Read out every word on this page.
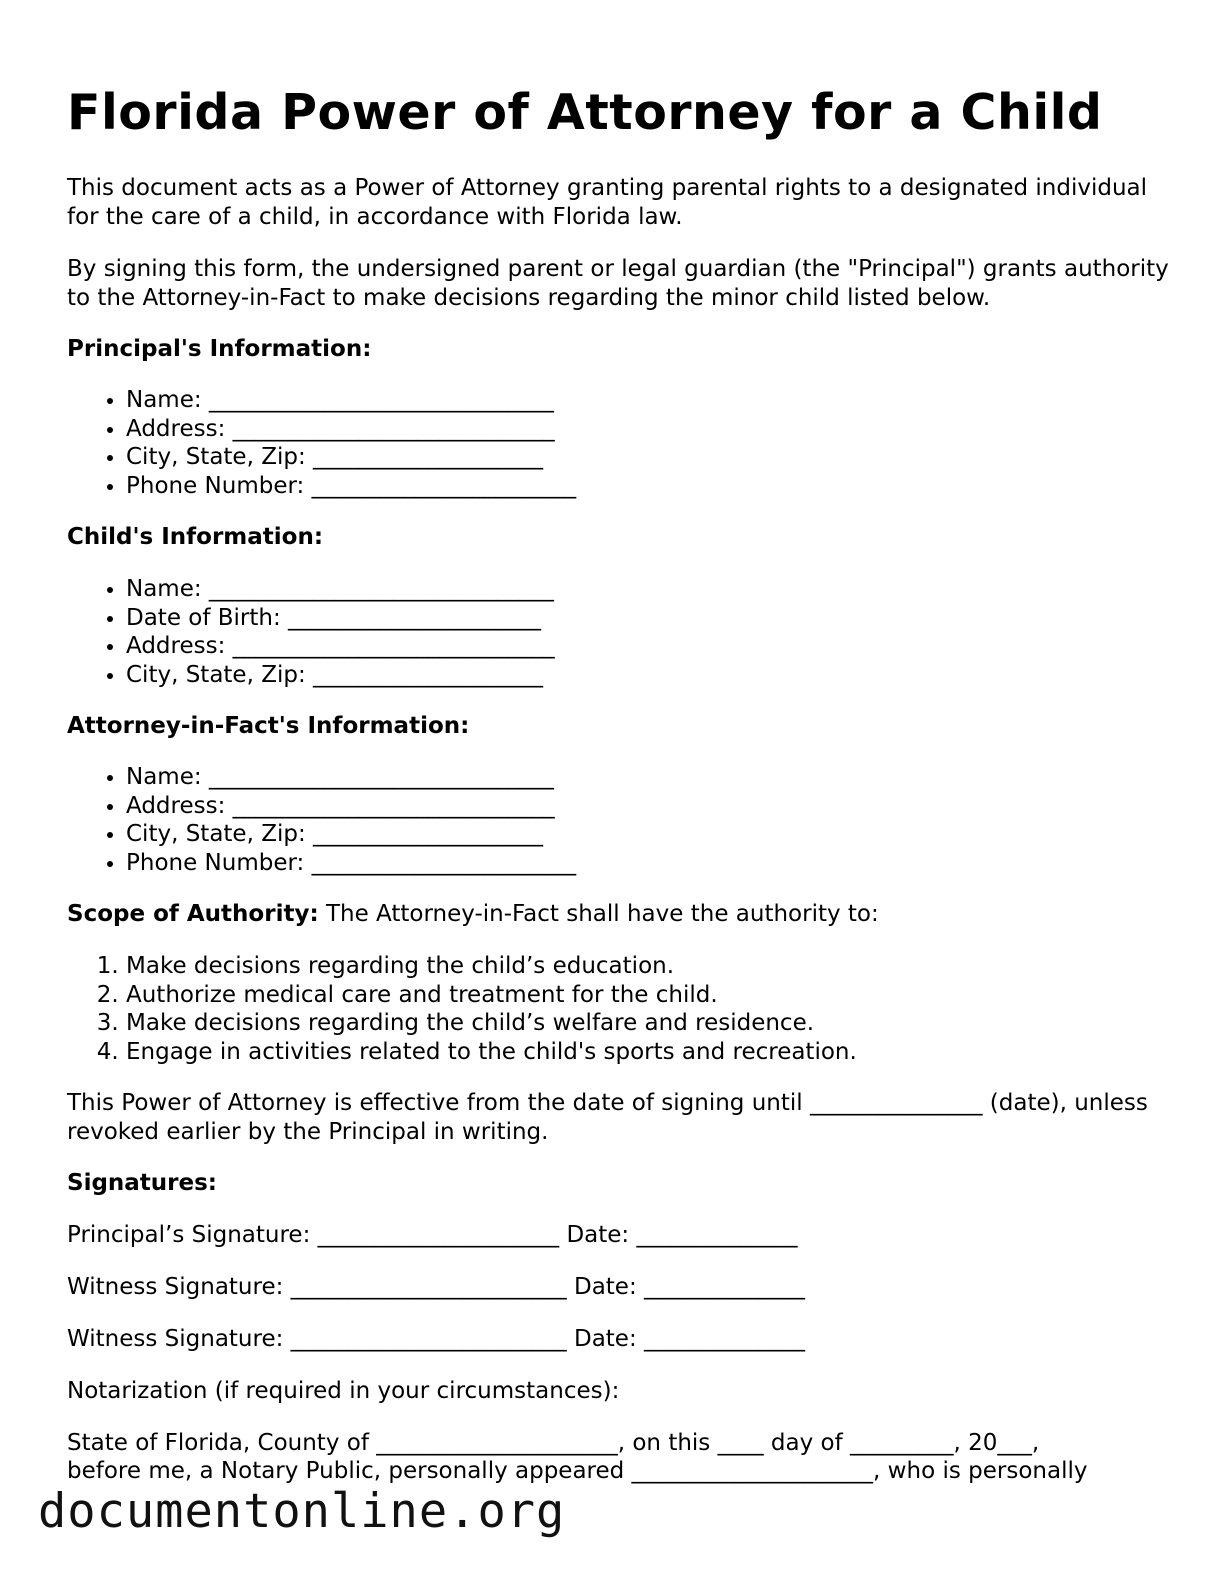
Florida Power of Attorney for a Child

This document acts as a Power of Attorney granting parental rights to a designated individual for the care of a child, in accordance with Florida law.

By signing this form, the undersigned parent or legal guardian (the "Principal") grants authority to the Attorney-in-Fact to make decisions regarding the minor child listed below.

Principal's Information:

• Name: ______________________________
• Address: ____________________________
• City, State, Zip: ____________________
• Phone Number: _______________________

Child's Information:

• Name: ______________________________
• Date of Birth: ______________________
• Address: ____________________________
• City, State, Zip: ____________________

Attorney-in-Fact's Information:

• Name: ______________________________
• Address: ____________________________
• City, State, Zip: ____________________
• Phone Number: _______________________

Scope of Authority: The Attorney-in-Fact shall have the authority to:

1. Make decisions regarding the child’s education.
2. Authorize medical care and treatment for the child.
3. Make decisions regarding the child’s welfare and residence.
4. Engage in activities related to the child's sports and recreation.

This Power of Attorney is effective from the date of signing until _______________ (date), unless revoked earlier by the Principal in writing.

Signatures:

Principal’s Signature: _____________________ Date: ______________

Witness Signature: ________________________ Date: ______________

Witness Signature: ________________________ Date: ______________

Notarization (if required in your circumstances):

State of Florida, County of _____________________, on this ____ day of _________, 20___,

before me, a Notary Public, personally appeared _____________________, who is personally

documentonline.org
